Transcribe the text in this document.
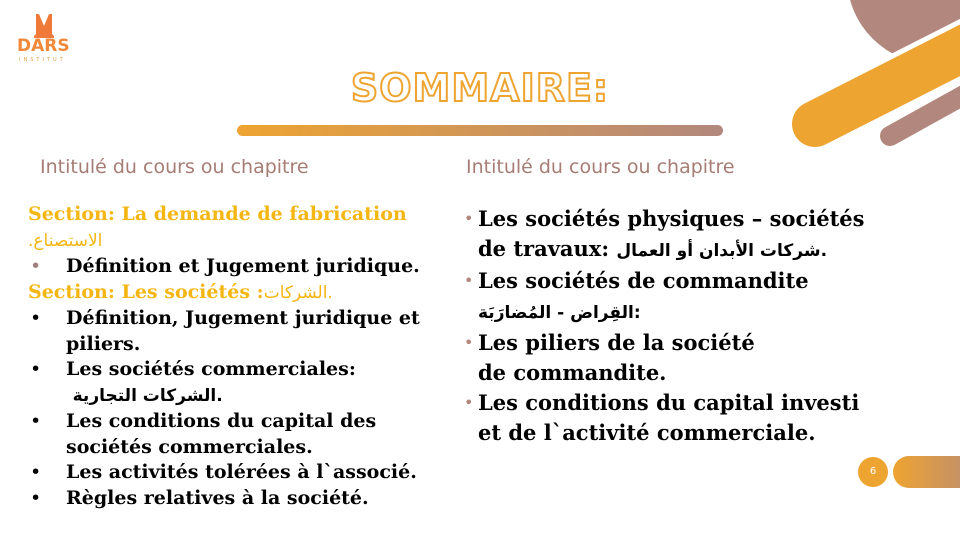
DARS
INSTITUT
SOMMAIRE:
Intitulé du cours ou chapitre	Intitulé du cours ou chapitre
Section: La demande de fabrication
الاستصناع.
•	Définition et Jugement juridique.
Section: Les sociétés :الشركات.
•	Définition, Jugement juridique et piliers.
•	Les sociétés commerciales:
الشركات التجارية.
•	Les conditions du capital des sociétés commerciales.
•	Les activités tolérées à l`associé.
•	Règles relatives à la société.
• Les sociétés physiques – sociétés
de travaux: شركات الأبدان أو العمال.
• Les sociétés de commandite
القِراض - المُضارَبَة:
• Les piliers de la société
de commandite.
• Les conditions du capital investi
et de l`activité commerciale.
6
